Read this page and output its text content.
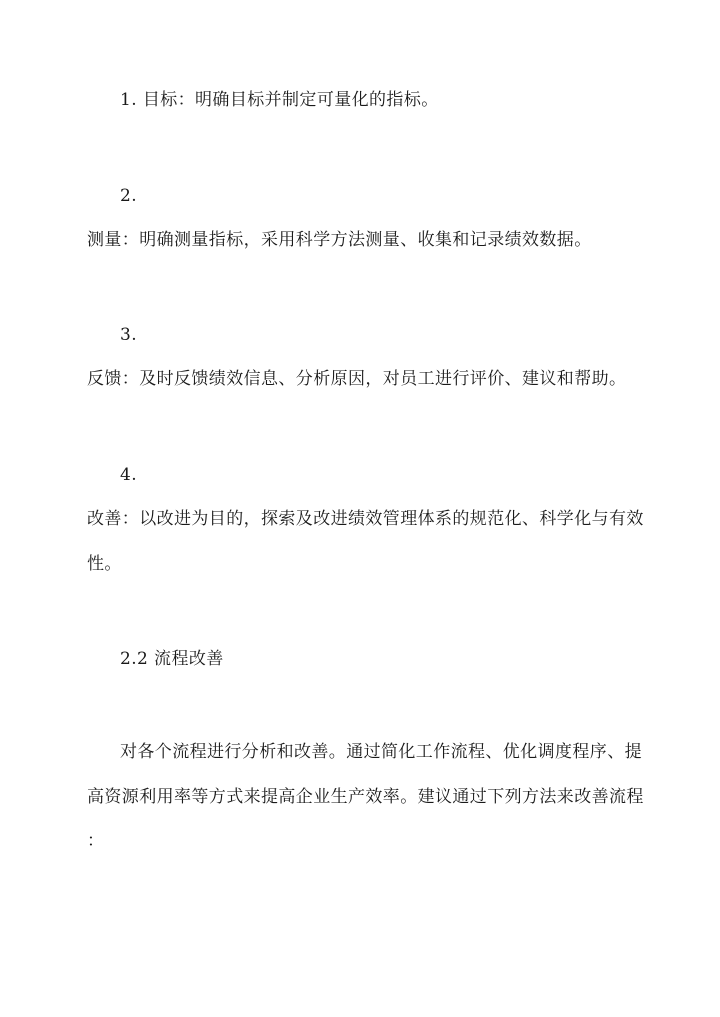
1. 目标：明确目标并制定可量化的指标。
2.
测量：明确测量指标，采用科学方法测量、收集和记录绩效数据。
3.
反馈：及时反馈绩效信息、分析原因，对员工进行评价、建议和帮助。
4.
改善：以改进为目的，探索及改进绩效管理体系的规范化、科学化与有效
性。
2.2 流程改善
对各个流程进行分析和改善。通过简化工作流程、优化调度程序、提
高资源利用率等方式来提高企业生产效率。建议通过下列方法来改善流程
：
